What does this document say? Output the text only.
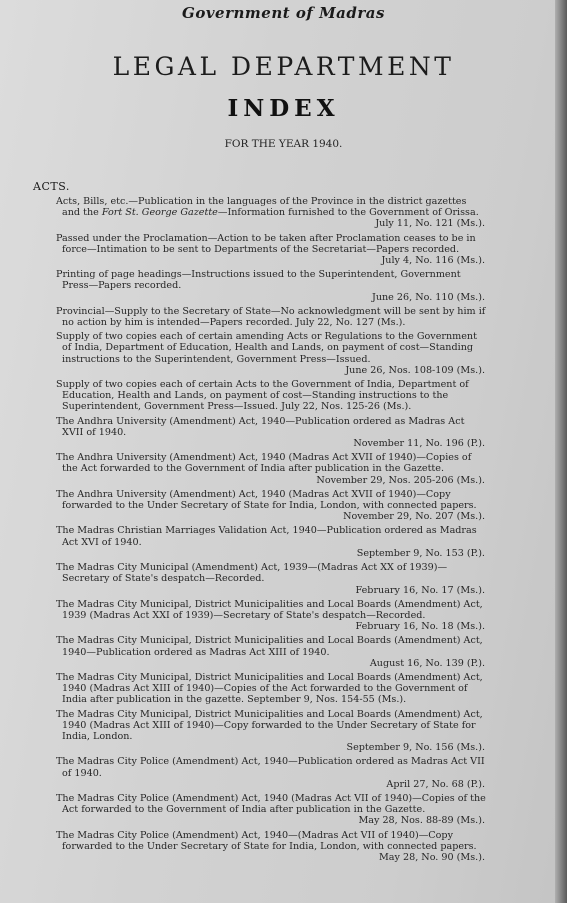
Government of Madras
LEGAL DEPARTMENT
INDEX
FOR THE YEAR 1940.
ACTS.
Acts, Bills, etc.—Publication in the languages of the Province in the district gazettes and the Fort St. George Gazette—Information furnished to the Government of Orissa.
July 11, No. 121 (Ms.).
Passed under the Proclamation—Action to be taken after Proclamation ceases to be in force—Intimation to be sent to Departments of the Secretariat—Papers recorded.
July 4, No. 116 (Ms.).
Printing of page headings—Instructions issued to the Superintendent, Government Press—Papers recorded.
June 26, No. 110 (Ms.).
Provincial—Supply to the Secretary of State—No acknowledgment will be sent by him if no action by him is intended—Papers recorded. July 22, No. 127 (Ms.).
Supply of two copies each of certain amending Acts or Regulations to the Government of India, Department of Education, Health and Lands, on payment of cost—Standing instructions to the Superintendent, Government Press—Issued.
June 26, Nos. 108-109 (Ms.).
Supply of two copies each of certain Acts to the Government of India, Department of Education, Health and Lands, on payment of cost—Standing instructions to the Superintendent, Government Press—Issued. July 22, Nos. 125-26 (Ms.).
The Andhra University (Amendment) Act, 1940—Publication ordered as Madras Act XVII of 1940.
November 11, No. 196 (P.).
The Andhra University (Amendment) Act, 1940 (Madras Act XVII of 1940)—Copies of the Act forwarded to the Government of India after publication in the Gazette.
November 29, Nos. 205-206 (Ms.).
The Andhra University (Amendment) Act, 1940 (Madras Act XVII of 1940)—Copy forwarded to the Under Secretary of State for India, London, with connected papers.
November 29, No. 207 (Ms.).
The Madras Christian Marriages Validation Act, 1940—Publication ordered as Madras Act XVI of 1940.
September 9, No. 153 (P.).
The Madras City Municipal (Amendment) Act, 1939—(Madras Act XX of 1939)—Secretary of State's despatch—Recorded.
February 16, No. 17 (Ms.).
The Madras City Municipal, District Municipalities and Local Boards (Amendment) Act, 1939 (Madras Act XXI of 1939)—Secretary of State's despatch—Recorded.
February 16, No. 18 (Ms.).
The Madras City Municipal, District Municipalities and Local Boards (Amendment) Act, 1940—Publication ordered as Madras Act XIII of 1940.
August 16, No. 139 (P.).
The Madras City Municipal, District Municipalities and Local Boards (Amendment) Act, 1940 (Madras Act XIII of 1940)—Copies of the Act forwarded to the Government of India after publication in the gazette. September 9, Nos. 154-55 (Ms.).
The Madras City Municipal, District Municipalities and Local Boards (Amendment) Act, 1940 (Madras Act XIII of 1940)—Copy forwarded to the Under Secretary of State for India, London.
September 9, No. 156 (Ms.).
The Madras City Police (Amendment) Act, 1940—Publication ordered as Madras Act VII of 1940.
April 27, No. 68 (P.).
The Madras City Police (Amendment) Act, 1940 (Madras Act VII of 1940)—Copies of the Act forwarded to the Government of India after publication in the Gazette.
May 28, Nos. 88-89 (Ms.).
The Madras City Police (Amendment) Act, 1940—(Madras Act VII of 1940)—Copy forwarded to the Under Secretary of State for India, London, with connected papers.
May 28, No. 90 (Ms.).
